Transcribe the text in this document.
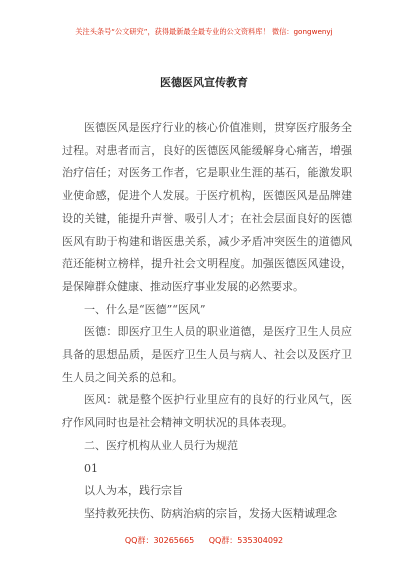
关注头条号“公文研究”，获得最新最全最专业的公文资料库！ 微信：gongwenyj
医德医风宣传教育

医德医风是医疗行业的核心价值准则，贯穿医疗服务全过程。对患者而言，良好的医德医风能缓解身心痛苦，增强治疗信任；对医务工作者，它是职业生涯的基石，能激发职业使命感，促进个人发展。于医疗机构，医德医风是品牌建设的关键，能提升声誉、吸引人才；在社会层面良好的医德医风有助于构建和谐医患关系，减少矛盾冲突医生的道德风范还能树立榜样，提升社会文明程度。加强医德医风建设，是保障群众健康、推动医疗事业发展的必然要求。

一、什么是“医德”“医风”

医德：即医疗卫生人员的职业道德，是医疗卫生人员应具备的思想品质，是医疗卫生人员与病人、社会以及医疗卫生人员之间关系的总和。

医风：就是整个医护行业里应有的良好的行业风气，医疗作风同时也是社会精神文明状况的具体表现。

二、医疗机构从业人员行为规范

01

以人为本，践行宗旨

坚持救死扶伤、防病治病的宗旨，发扬大医精诚理念

QQ群：30265665 QQ群：535304092
